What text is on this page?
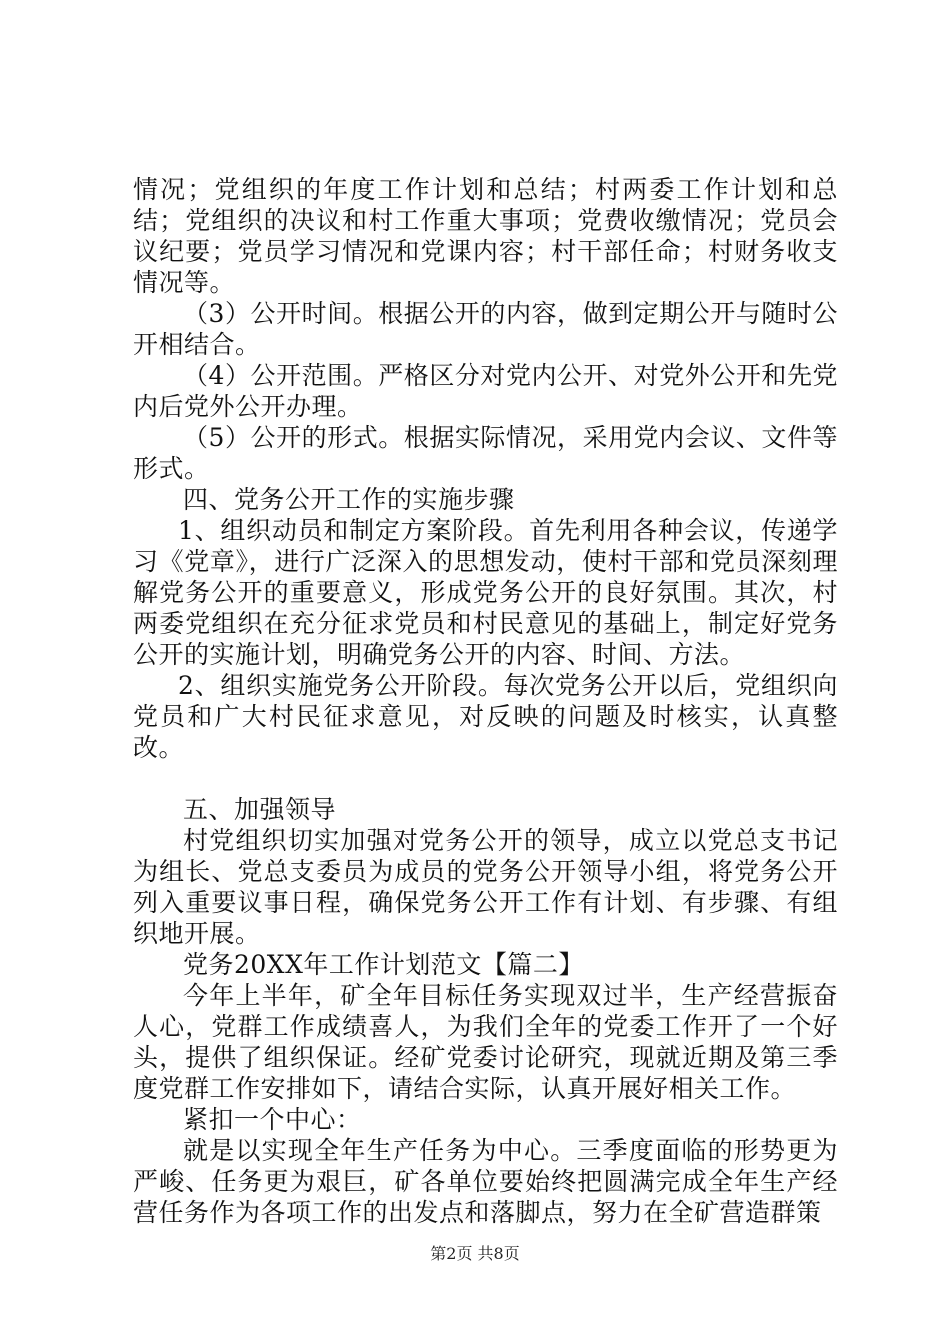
情况；党组织的年度工作计划和总结；村两委工作计划和总结；党组织的决议和村工作重大事项；党费收缴情况；党员会议纪要；党员学习情况和党课内容；村干部任命；村财务收支情况等。

（3）公开时间。根据公开的内容，做到定期公开与随时公开相结合。

（4）公开范围。严格区分对党内公开、对党外公开和先党内后党外公开办理。

（5）公开的形式。根据实际情况，采用党内会议、文件等形式。

四、党务公开工作的实施步骤

1、组织动员和制定方案阶段。首先利用各种会议，传递学习《党章》，进行广泛深入的思想发动，使村干部和党员深刻理解党务公开的重要意义，形成党务公开的良好氛围。其次，村两委党组织在充分征求党员和村民意见的基础上，制定好党务公开的实施计划，明确党务公开的内容、时间、方法。

2、组织实施党务公开阶段。每次党务公开以后，党组织向党员和广大村民征求意见，对反映的问题及时核实，认真整改。

五、加强领导

村党组织切实加强对党务公开的领导，成立以党总支书记为组长、党总支委员为成员的党务公开领导小组，将党务公开列入重要议事日程，确保党务公开工作有计划、有步骤、有组织地开展。

党务20XX年工作计划范文【篇二】

今年上半年，矿全年目标任务实现双过半，生产经营振奋人心，党群工作成绩喜人，为我们全年的党委工作开了一个好头，提供了组织保证。经矿党委讨论研究，现就近期及第三季度党群工作安排如下，请结合实际，认真开展好相关工作。

紧扣一个中心：

就是以实现全年生产任务为中心。三季度面临的形势更为严峻、任务更为艰巨，矿各单位要始终把圆满完成全年生产经营任务作为各项工作的出发点和落脚点，努力在全矿营造群策

第2页 共8页
